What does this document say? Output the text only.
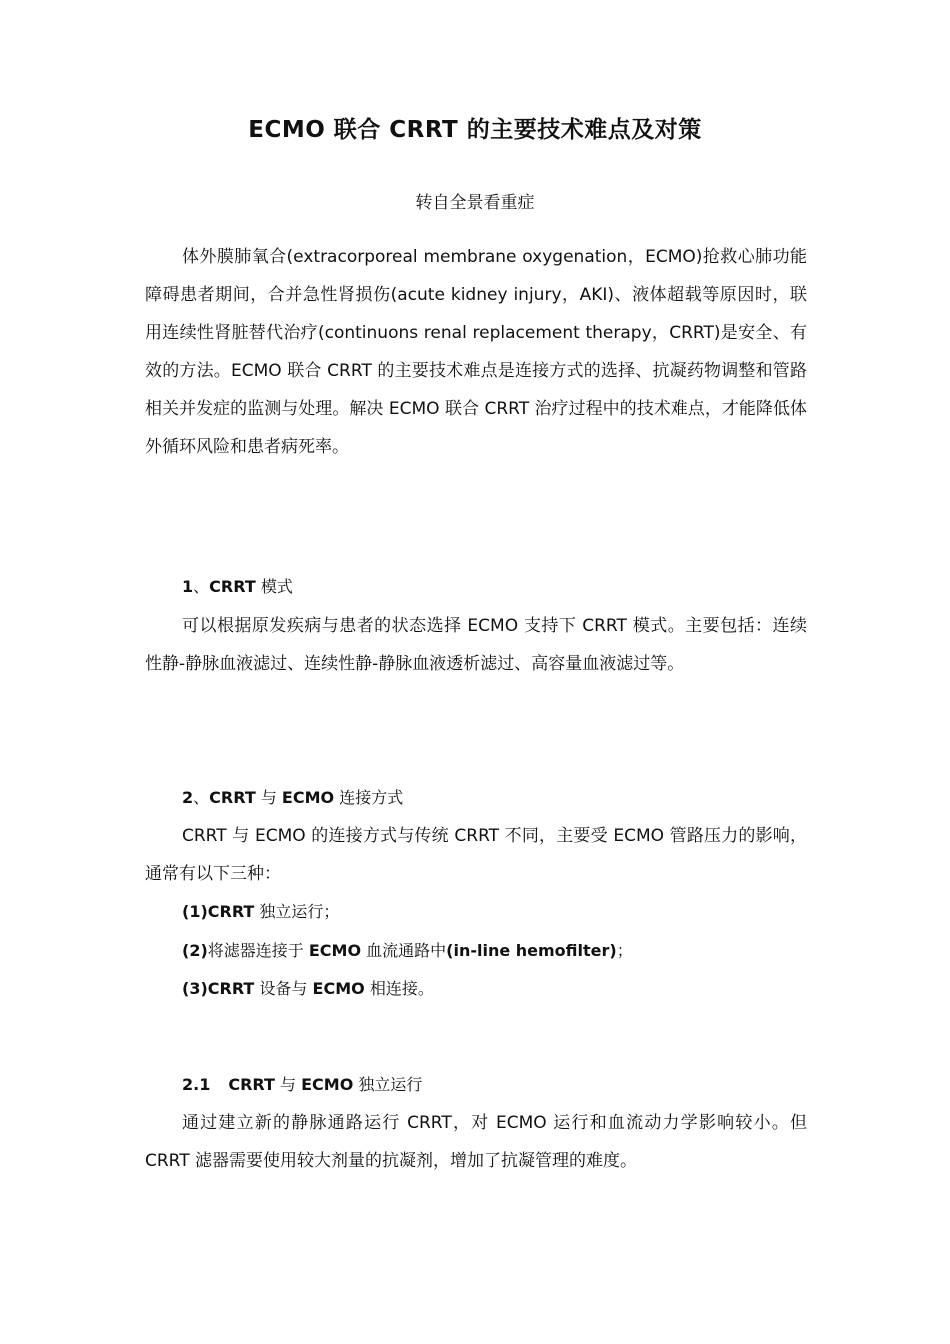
ECMO 联合 CRRT 的主要技术难点及对策
转自全景看重症

体外膜肺氧合(extracorporeal membrane oxygenation，ECMO)抢救心肺功能障碍患者期间，合并急性肾损伤(acute kidney injury，AKI)、液体超载等原因时，联用连续性肾脏替代治疗(continuons renal replacement therapy，CRRT)是安全、有效的方法。ECMO 联合 CRRT 的主要技术难点是连接方式的选择、抗凝药物调整和管路相关并发症的监测与处理。解决 ECMO 联合 CRRT 治疗过程中的技术难点，才能降低体外循环风险和患者病死率。

1、CRRT 模式

可以根据原发疾病与患者的状态选择 ECMO 支持下 CRRT 模式。主要包括：连续性静-静脉血液滤过、连续性静-静脉血液透析滤过、高容量血液滤过等。

2、CRRT 与 ECMO 连接方式

CRRT 与 ECMO 的连接方式与传统 CRRT 不同，主要受 ECMO 管路压力的影响，通常有以下三种：

(1)CRRT 独立运行；

(2)将滤器连接于 ECMO 血流通路中(in-line hemofilter)；

(3)CRRT 设备与 ECMO 相连接。

2.1 CRRT 与 ECMO 独立运行

通过建立新的静脉通路运行 CRRT，对 ECMO 运行和血流动力学影响较小。但 CRRT 滤器需要使用较大剂量的抗凝剂，增加了抗凝管理的难度。
